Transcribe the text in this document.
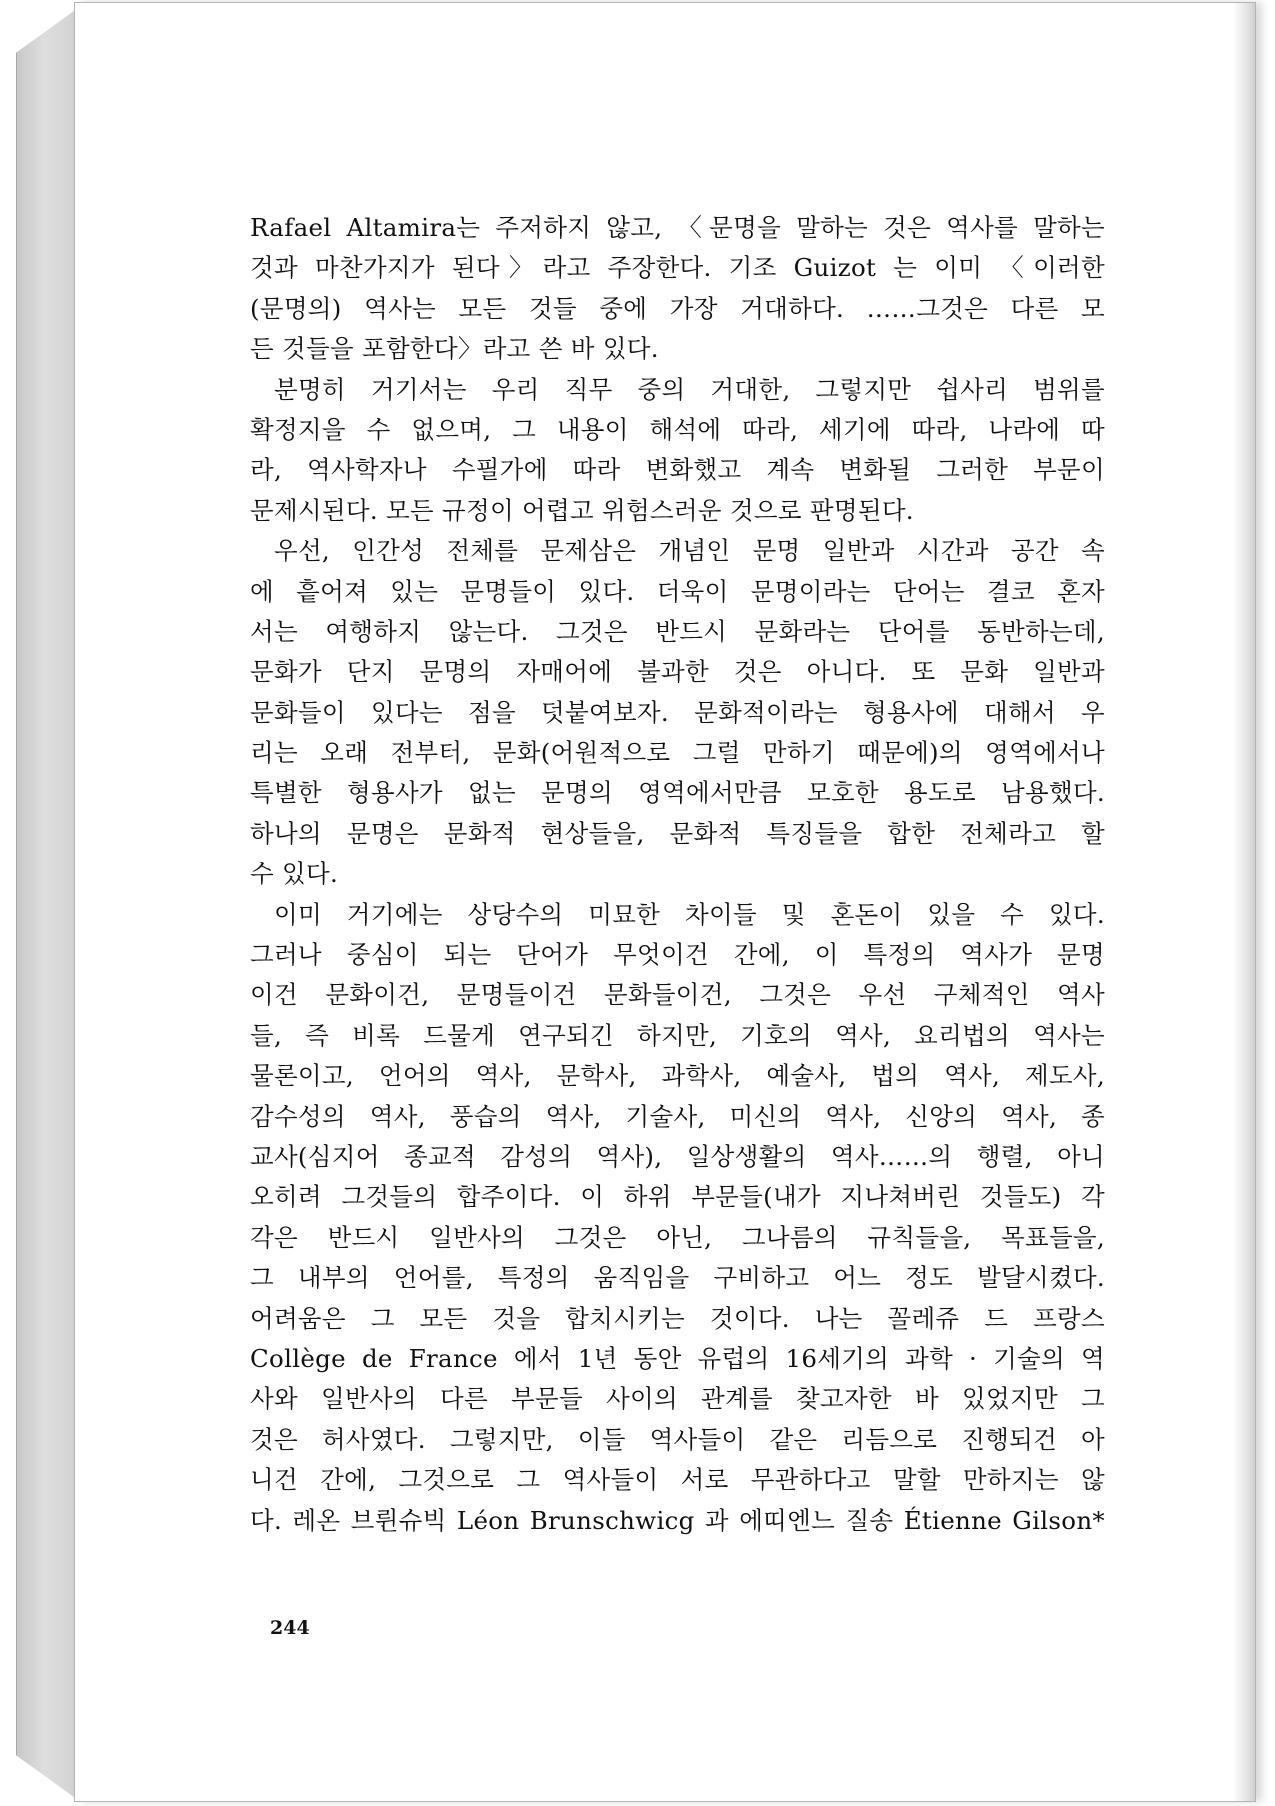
Rafael Altamira는 주저하지 않고, 〈문명을 말하는 것은 역사를 말하는
것과 마찬가지가 된다〉라고 주장한다. 기조 Guizot 는 이미 〈이러한
(문명의) 역사는 모든 것들 중에 가장 거대하다. ……그것은 다른 모
든 것들을 포함한다〉라고 쓴 바 있다.
분명히 거기서는 우리 직무 중의 거대한, 그렇지만 쉽사리 범위를
확정지을 수 없으며, 그 내용이 해석에 따라, 세기에 따라, 나라에 따
라, 역사학자나 수필가에 따라 변화했고 계속 변화될 그러한 부문이
문제시된다. 모든 규정이 어렵고 위험스러운 것으로 판명된다.
우선, 인간성 전체를 문제삼은 개념인 문명 일반과 시간과 공간 속
에 흩어져 있는 문명들이 있다. 더욱이 문명이라는 단어는 결코 혼자
서는 여행하지 않는다. 그것은 반드시 문화라는 단어를 동반하는데,
문화가 단지 문명의 자매어에 불과한 것은 아니다. 또 문화 일반과
문화들이 있다는 점을 덧붙여보자. 문화적이라는 형용사에 대해서 우
리는 오래 전부터, 문화(어원적으로 그럴 만하기 때문에)의 영역에서나
특별한 형용사가 없는 문명의 영역에서만큼 모호한 용도로 남용했다.
하나의 문명은 문화적 현상들을, 문화적 특징들을 합한 전체라고 할
수 있다.
이미 거기에는 상당수의 미묘한 차이들 및 혼돈이 있을 수 있다.
그러나 중심이 되는 단어가 무엇이건 간에, 이 특정의 역사가 문명
이건 문화이건, 문명들이건 문화들이건, 그것은 우선 구체적인 역사
들, 즉 비록 드물게 연구되긴 하지만, 기호의 역사, 요리법의 역사는
물론이고, 언어의 역사, 문학사, 과학사, 예술사, 법의 역사, 제도사,
감수성의 역사, 풍습의 역사, 기술사, 미신의 역사, 신앙의 역사, 종
교사(심지어 종교적 감성의 역사), 일상생활의 역사……의 행렬, 아니
오히려 그것들의 합주이다. 이 하위 부문들(내가 지나쳐버린 것들도) 각
각은 반드시 일반사의 그것은 아닌, 그나름의 규칙들을, 목표들을,
그 내부의 언어를, 특정의 움직임을 구비하고 어느 정도 발달시켰다.
어려움은 그 모든 것을 합치시키는 것이다. 나는 꼴레쥬 드 프랑스
Collège de France 에서 1년 동안 유럽의 16세기의 과학 · 기술의 역
사와 일반사의 다른 부문들 사이의 관계를 찾고자한 바 있었지만 그
것은 허사였다. 그렇지만, 이들 역사들이 같은 리듬으로 진행되건 아
니건 간에, 그것으로 그 역사들이 서로 무관하다고 말할 만하지는 않
다. 레온 브륀슈빅 Léon Brunschwicg 과 에띠엔느 질송 Étienne Gilson*
244
